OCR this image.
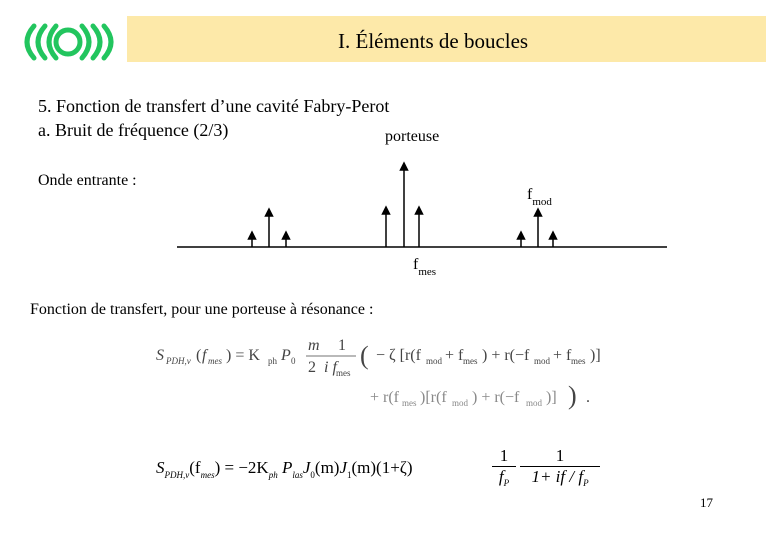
I. Éléments de boucles
5. Fonction de transfert d’une cavité Fabry-Perot
a. Bruit de fréquence (2/3)	porteuse
Onde entrante :
$f_{mod}$
$f_{mes}$
Fonction de transfert, pour une porteuse à résonance :
S PDH,ν ( f mes ) = K ph P 0
m 1
2 i f mes
( − ζ [r(f mod + f mes ) + r(−f mod + f mes )]
+ r(f mes )[r(f mod ) + r(−f mod )] ) .
$S_{PDH,\nu}(f_{mes}) = -2K_{ph}$ $P_{las}J_0(m)J_1(m)(1+\zeta)$
1
$f_P$
1
1+ if / $f_P$
17
